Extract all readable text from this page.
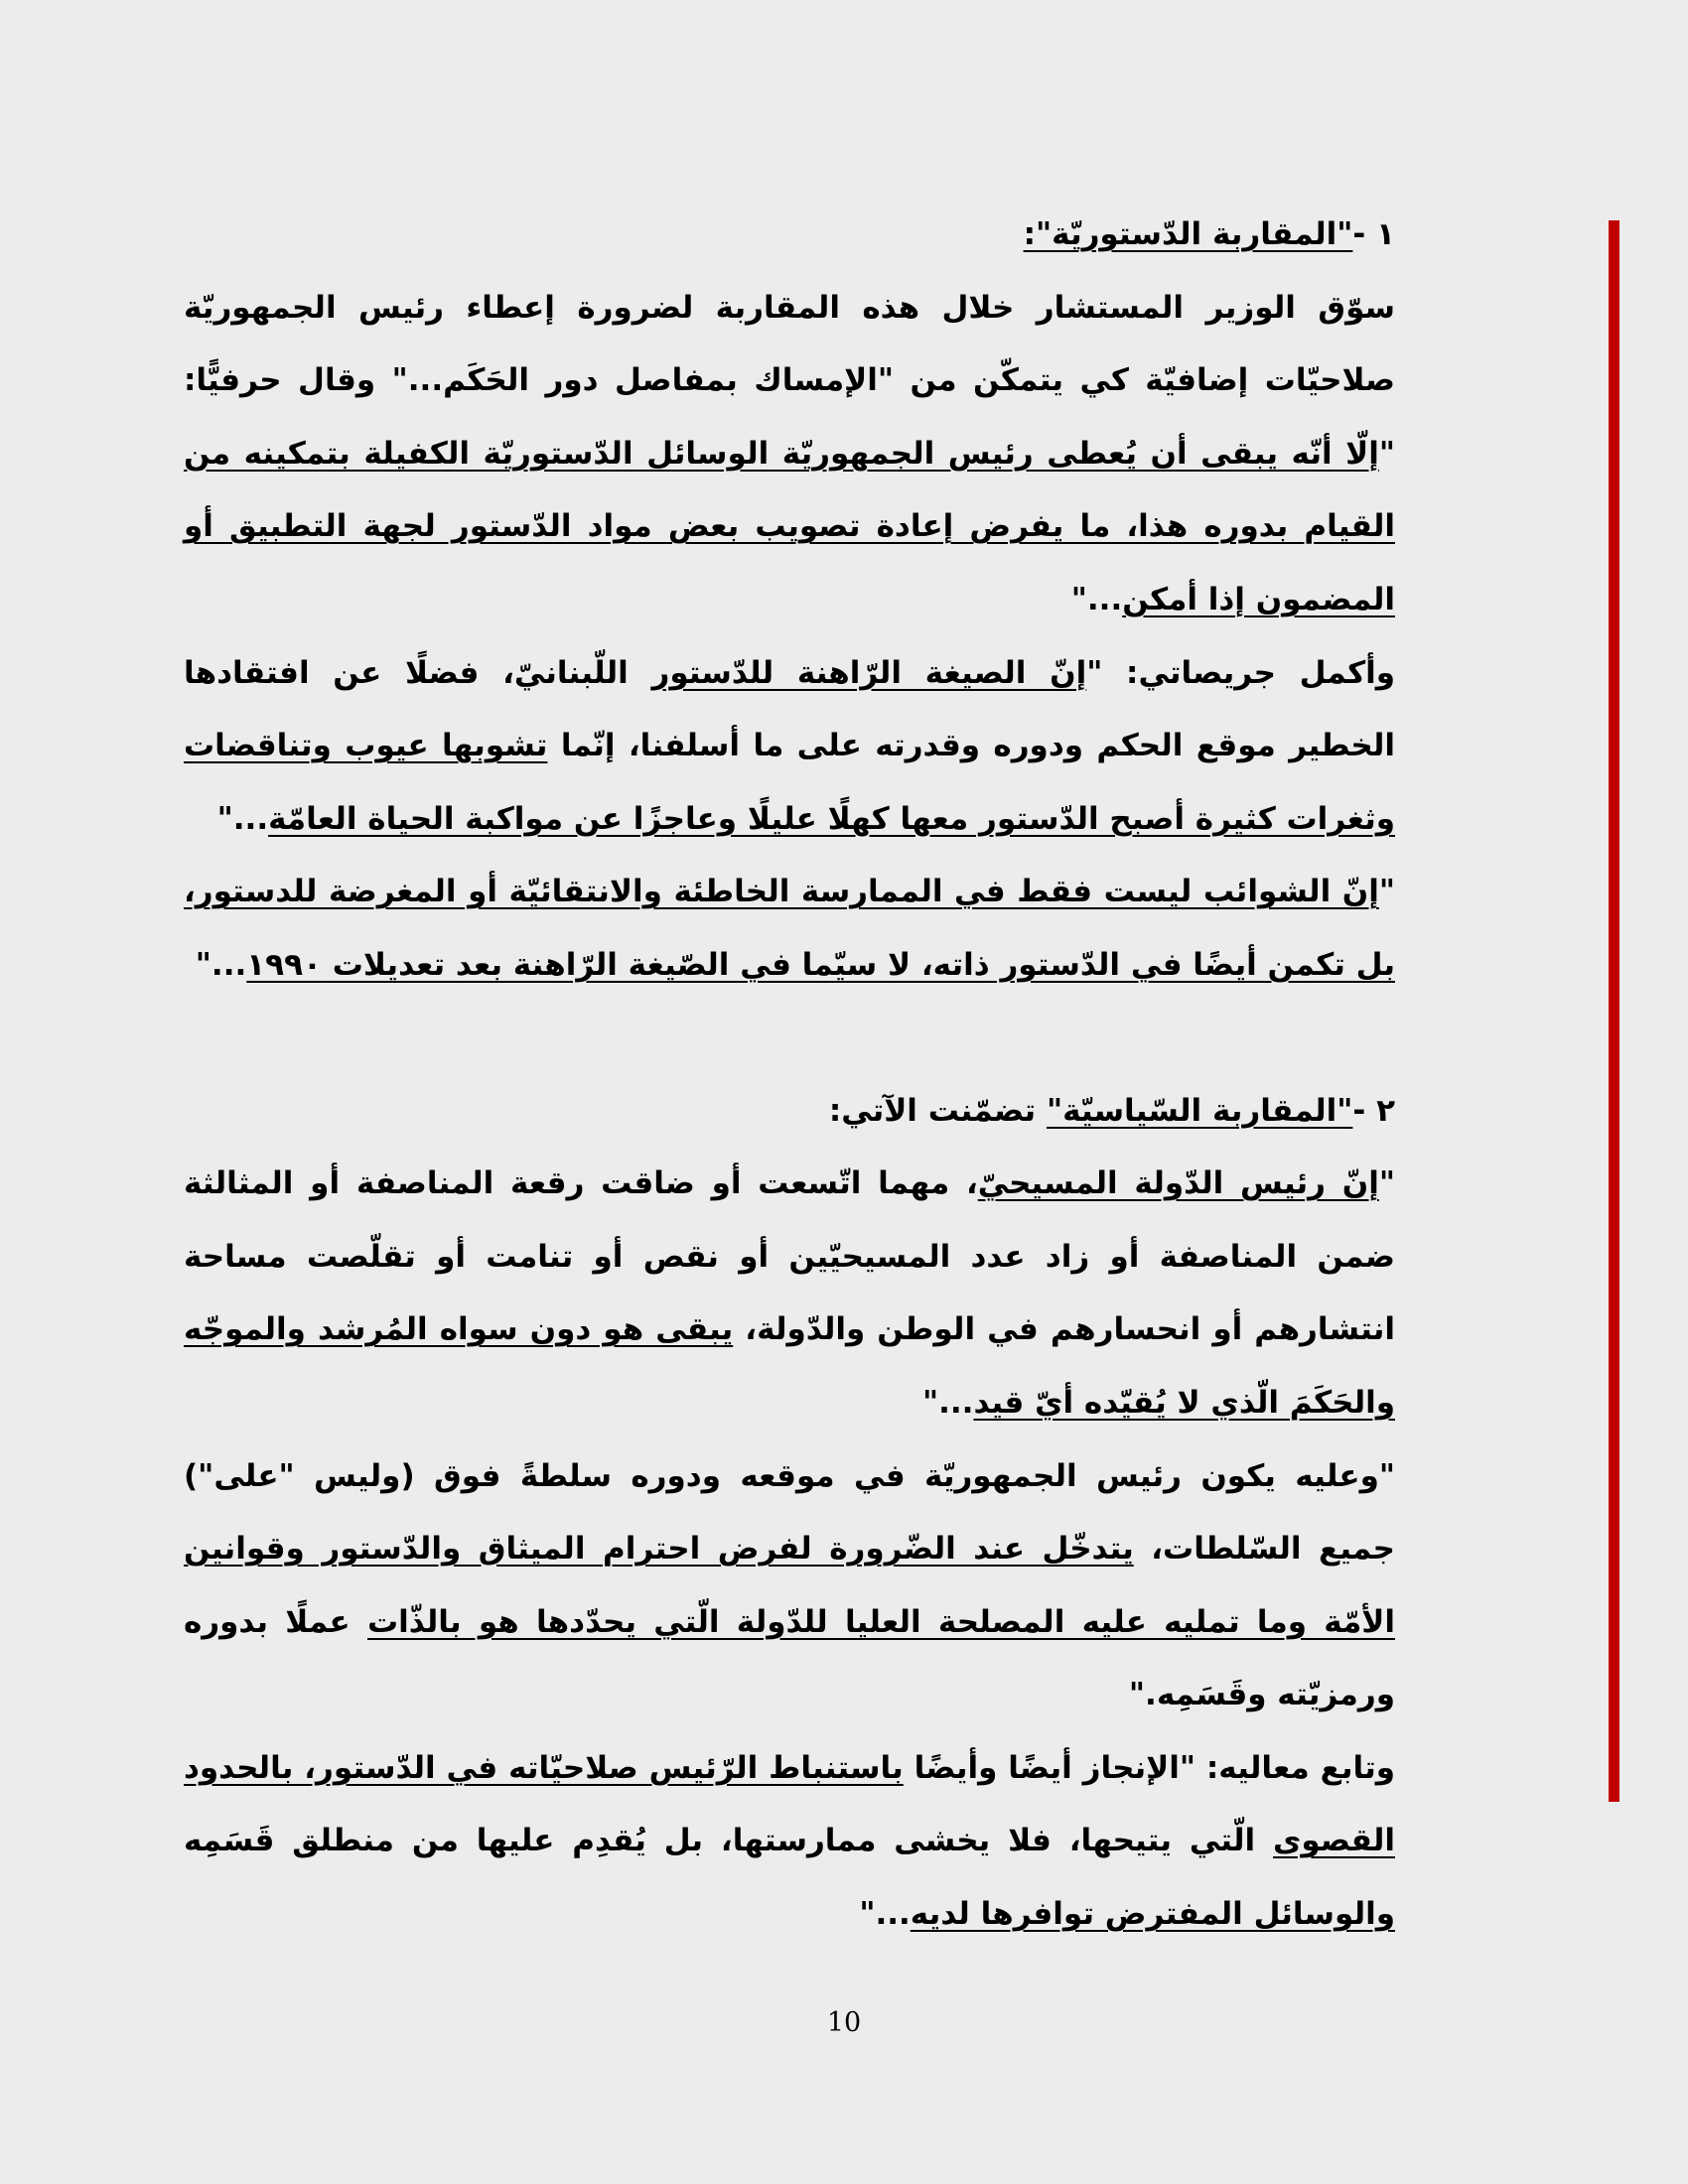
١ -"المقاربة الدّستوريّة":

سوّق الوزير المستشار خلال هذه المقاربة لضرورة إعطاء رئيس الجمهوريّة صلاحيّات إضافيّة كي يتمكّن من "الإمساك بمفاصل دور الحَكَم..." وقال حرفيًّا: "إلّا أنّه يبقى أن يُعطى رئيس الجمهوريّة الوسائل الدّستوريّة الكفيلة بتمكينه من القيام بدوره هذا، ما يفرض إعادة تصويب بعض مواد الدّستور لجهة التطبيق أو المضمون إذا أمكن..."

وأكمل جريصاتي: "إنّ الصيغة الرّاهنة للدّستور اللّبنانيّ، فضلًا عن افتقادها الخطير موقع الحكم ودوره وقدرته على ما أسلفنا، إنّما تشوبها عيوب وتناقضات وثغرات كثيرة أصبح الدّستور معها كهلًا عليلًا وعاجزًا عن مواكبة الحياة العامّة..."

"إنّ الشوائب ليست فقط في الممارسة الخاطئة والانتقائيّة أو المغرضة للدستور، بل تكمن أيضًا في الدّستور ذاته، لا سيّما في الصّيغة الرّاهنة بعد تعديلات ١٩٩٠..."

٢ -"المقاربة السّياسيّة" تضمّنت الآتي:

"إنّ رئيس الدّولة المسيحيّ، مهما اتّسعت أو ضاقت رقعة المناصفة أو المثالثة ضمن المناصفة أو زاد عدد المسيحيّين أو نقص أو تنامت أو تقلّصت مساحة انتشارهم أو انحسارهم في الوطن والدّولة، يبقى هو دون سواه المُرشد والموجّه والحَكَمَ الّذي لا يُقيّده أيّ قيد..."

"وعليه يكون رئيس الجمهوريّة في موقعه ودوره سلطةً فوق (وليس "على") جميع السّلطات، يتدخّل عند الضّرورة لفرض احترام الميثاق والدّستور وقوانين الأمّة وما تمليه عليه المصلحة العليا للدّولة الّتي يحدّدها هو بالذّات عملًا بدوره ورمزيّته وقَسَمِه."

وتابع معاليه: "الإنجاز أيضًا وأيضًا باستنباط الرّئيس صلاحيّاته في الدّستور، بالحدود القصوى الّتي يتيحها، فلا يخشى ممارستها، بل يُقدِم عليها من منطلق قَسَمِه والوسائل المفترض توافرها لديه..."

10
